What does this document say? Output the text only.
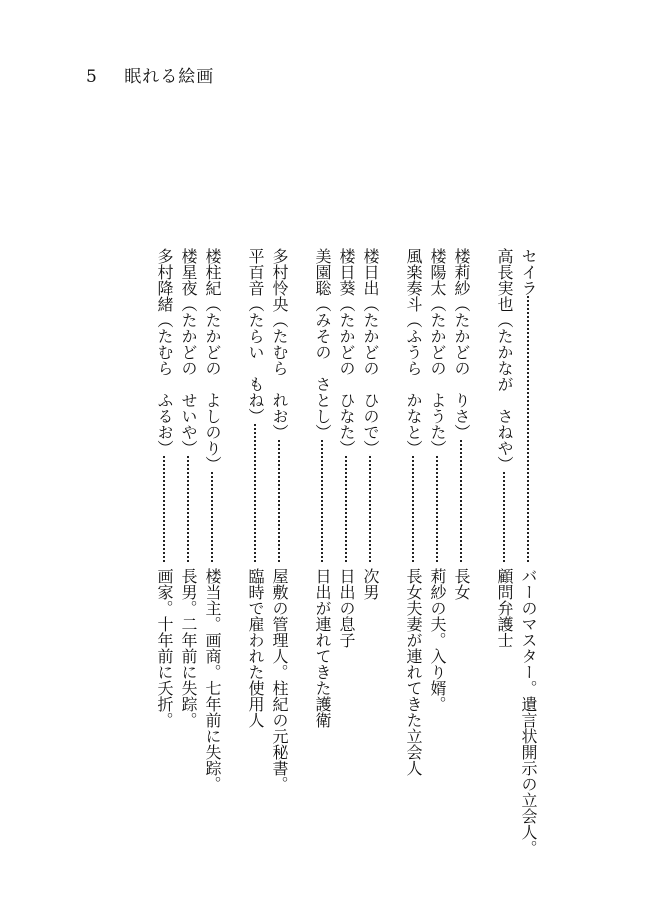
5 眠れる絵画
セイラ
バーのマスター。遺言状開示の立会人。
高長実也（たかなが　さねや）
顧問弁護士
楼莉紗（たかどの　りさ）
長女
楼陽太（たかどの　ようた）
莉紗の夫。入り婿。
風楽奏斗（ふうら　かなと）
長女夫妻が連れてきた立会人
楼日出（たかどの　ひので）
次男
楼日葵（たかどの　ひなた）
日出の息子
美園聡（みその　さとし）
日出が連れてきた護衛
多村怜央（たむら　れお）
屋敷の管理人。柱紀の元秘書。
平百音（たらい　もね）
臨時で雇われた使用人
楼柱紀（たかどの　よしのり）
楼当主。画商。七年前に失踪。
楼星夜（たかどの　せいや）
長男。二年前に失踪。
多村降緒（たむら　ふるお）
画家。十年前に夭折。
